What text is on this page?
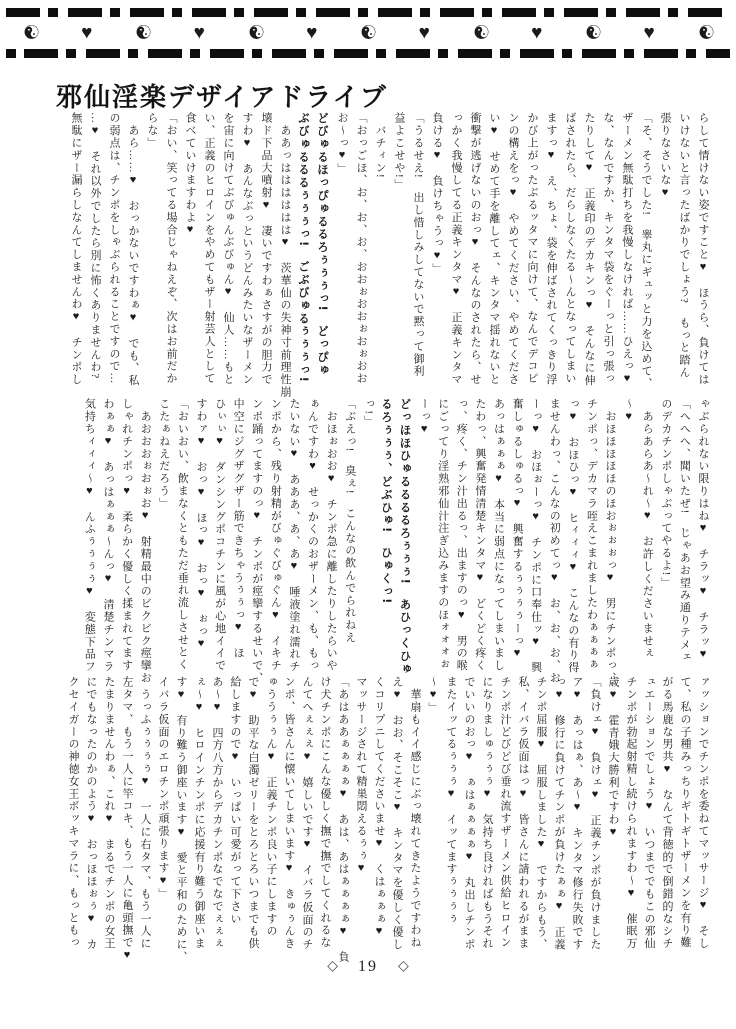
☯ ♥ ☯ ♥ ☯ ♥ ☯ ♥ ☯ ♥ ☯ ♥ ☯
邪仙淫楽デザイアドライブ

らして情けない姿ですこと♥　ほうら、負けては

いけないと言ったばかりでしょう?　もっと踏ん

張りなさいな♥

「そ、そうでした!　睾丸にギュッと力を込めて、

ザーメン無駄打ちを我慢しなければ……ひえっ♥

な、なんですか、キンタマ袋をぐーっと引っ張っ

たりして♥　正義印のデカキンっ♥　そんなに伸

ばされたら、だらしなくたる〜んとなってしまい

ますっ♥　え、ちょ、袋を伸ばされてくっきり浮

かび上がったぶるッタマに向けて、なんでデコピ

ンの構えをっ♥　やめてください、やめてくださ

い♥　せめて手を離してェ、キンタマ揺れないと

衝撃が逃げないのおっ♥　そんなのされたら、せ

っかく我慢してる正義キンタマ♥　正義キンタマ

負ける♥　負けちゃうっ♥」

「うるせえ!　出し惜しみしてないで黙って御利

益よこせや!」

　バチィン!

「おっごほ、お、お、お、おおぉおおぉおぉおお

お〜っ♥」

どびゅるほっぴゅるるろぅぅぅっ!　どっぴゅ

ぶびゅるるるぅぅぅっ!　ごぶびゅるぅぅぅっ!

　ああっはははははは♥　茨華仙の失神寸前理性崩

壊ド下品大噴射♥　凄いですわぁさすがの胆力で

すわ♥　あんなぶっというどんみたいなザーメン

を宙に向けてぶびゅんぶびゅん♥　仙人……もと

い、正義のヒロインをやめてもザー射芸人として

食べていけますわよ♥

「おい、笑ってる場合じゃねえぞ、次はお前だか

らな」

　あら……♥　おっかないですわぁ♥　でも、私

の弱点は、チンポをしゃぶられることですので…

…♥　それ以外でしたら別に怖くありませんわ?

無駄にザー漏らしなんてしませんわ♥　チンポし

ゃぶられない限りはね♥　チラッ♥　チラッ♥

「へへへ、聞いたぜ!　じゃあお望み通りテメェ

のデカチンポしゃぶってやるよ!」

　あらあらあ〜れ〜♥　お許しくださいませぇ

〜♥

　おほほほほほのほおぉぉぉっ♥　男にチンポっ、

チンポっ、デカマラ咥えこまれましたわぁぁぁぁ

っ♥　おほひっ♥　ヒィィィ♥　こんなの有り得

ませんわっ、こんなの初めてっ♥　お、お、お、お

ーっ♥　おほぉーっ♥　チンポに口奉仕ッ♥　興

奮しゅるしゅるっ♥　興奮するぅぅぅぅーっ♥

あっはぁぁぁ♥　本当に弱点になってしまいまし

たわっ、興奮発情清楚キンタマ♥　どくどく疼く

っ、疼く、チン汁出るっ、出ますのっ♥　男の喉

にごってり淫熟邪仙汁注ぎ込みますのほォォォぉ

ーっ♥

どっほほひゅるるるるろぅぅぅ!　あひっくひゅ

るろぅぅぅ、どぶひゅ!　ひゅくっ!

っ!」

「ぶえっ!　臭ぇ!　こんなの飲んでられねえ

　おほぉおお♥　チンポ急に離したりしたらいや

ぁんですわ♥　せっかくのおザーメン、も、もっ

たいない♥　あああ、あ、あ♥　唾液塗れ濡れチ

ンポから、残り射精がびゅぐびゅぐん♥　イキチ

ンポ踊ってますのっ♥　チンポが痙攣するせいで、

中空にジグザグザー筋できちゃうぅぅっ♥　ほ

ひぃぃ♥　ダンシングポコチンに風が心地イイで

すわァ♥　おっ♥　ほっ♥　おっ♥　ぉっ♥

「おいおい、飲まなくともただ垂れ流しさせとく

こたぁねえだろう」

　あおおおぉおぉお♥　射精最中のビクビク痙攣お

しゃれチンポっ♥　柔らかく優しく揉まれてます

わぁぁ♥　あっはぁぁぁ〜んっ♥　清楚チンマラ

気持ちィィィ〜♥　んふぅぅぅぅ♥　変態下品フ

ァッションでチンポを委ねてマッサージ♥　そし

て、私の子種みっちりギトギトザーメンを有り難

がる馬鹿な男共♥　なんて背徳的で倒錯的なシチ

ュエーションでしょう♥　いつまででもこの邪仙

チンポが勃起射精し続けられますわ〜♥　催眠万

歳♥　霍青娥大勝利ですわ♥

「負けェ♥　負けェ♥　正義チンポが負けました

ア♥　あっはぁ、あ〜♥　キンタマ修行失敗です

っ♥　修行に負けてチンポが負けたぁぁ♥　正義

チンポ屈服♥　屈服しました♥　ですからもう、

私、イバラ仮面はっ♥　皆さんに請われるがまま

チンポ汁どびどび垂れ流すザーメン供給ヒロイン

になりましゅぅぅぅ♥　気持ち良ければもうそれ

でいいのおっ♥　ぁはぁぁぁぁ♥　丸出しチンポ

またイッてるぅぅぅ♥　イッてますぅぅぅぅ

〜♥」

　華扇もイイ感じにぶっ壊れてきたようですわね

え♥　おお、そこそこ♥　キンタマを優しく優し

くコリプニしてくださいませ♥　くはぁぁぁ♥

マッサージされて精巣悶えるぅぅ♥

「あはああぁぁぁぁ♥　あは、あはぁぁぁぁ♥　負

け犬チンポにこんな優しく撫で撫でしてくれるな

んてへぇぇぇ♥　嬉しいです♥　イバラ仮面のチ

ンポ、皆さんに懐いてしまいます♥　きゅぅんき

ゅううぅぅん♥　正義チンポ良い子にしますの

で♥　助平な白濁ゼリーをとろとろいつまでも供

給しますので♥　いっぱい可愛がって下さい

あ〜♥　四方八方からデカチンポなでなでぇぇぇ

ぇ〜♥　ヒロインチンポに応援有り難う御座いま

す♥　有り難う御座います♥　愛と平和のために、

イバラ仮面のエロチンポ頑張ります♥」

　うっふぅぅぅぅ♥　一人に右タマ、もう一人に

左タマ、もう一人に竿コキ、もう一人に亀頭撫で♥

たまりませんわぁ、これ♥　まるでチンポの女王

にでもなったのかのよう♥　おっほほぉぅ♥　カ

クセイガーの神徳女王ボッキマラに、もっともっ

◇ 19 ◇
